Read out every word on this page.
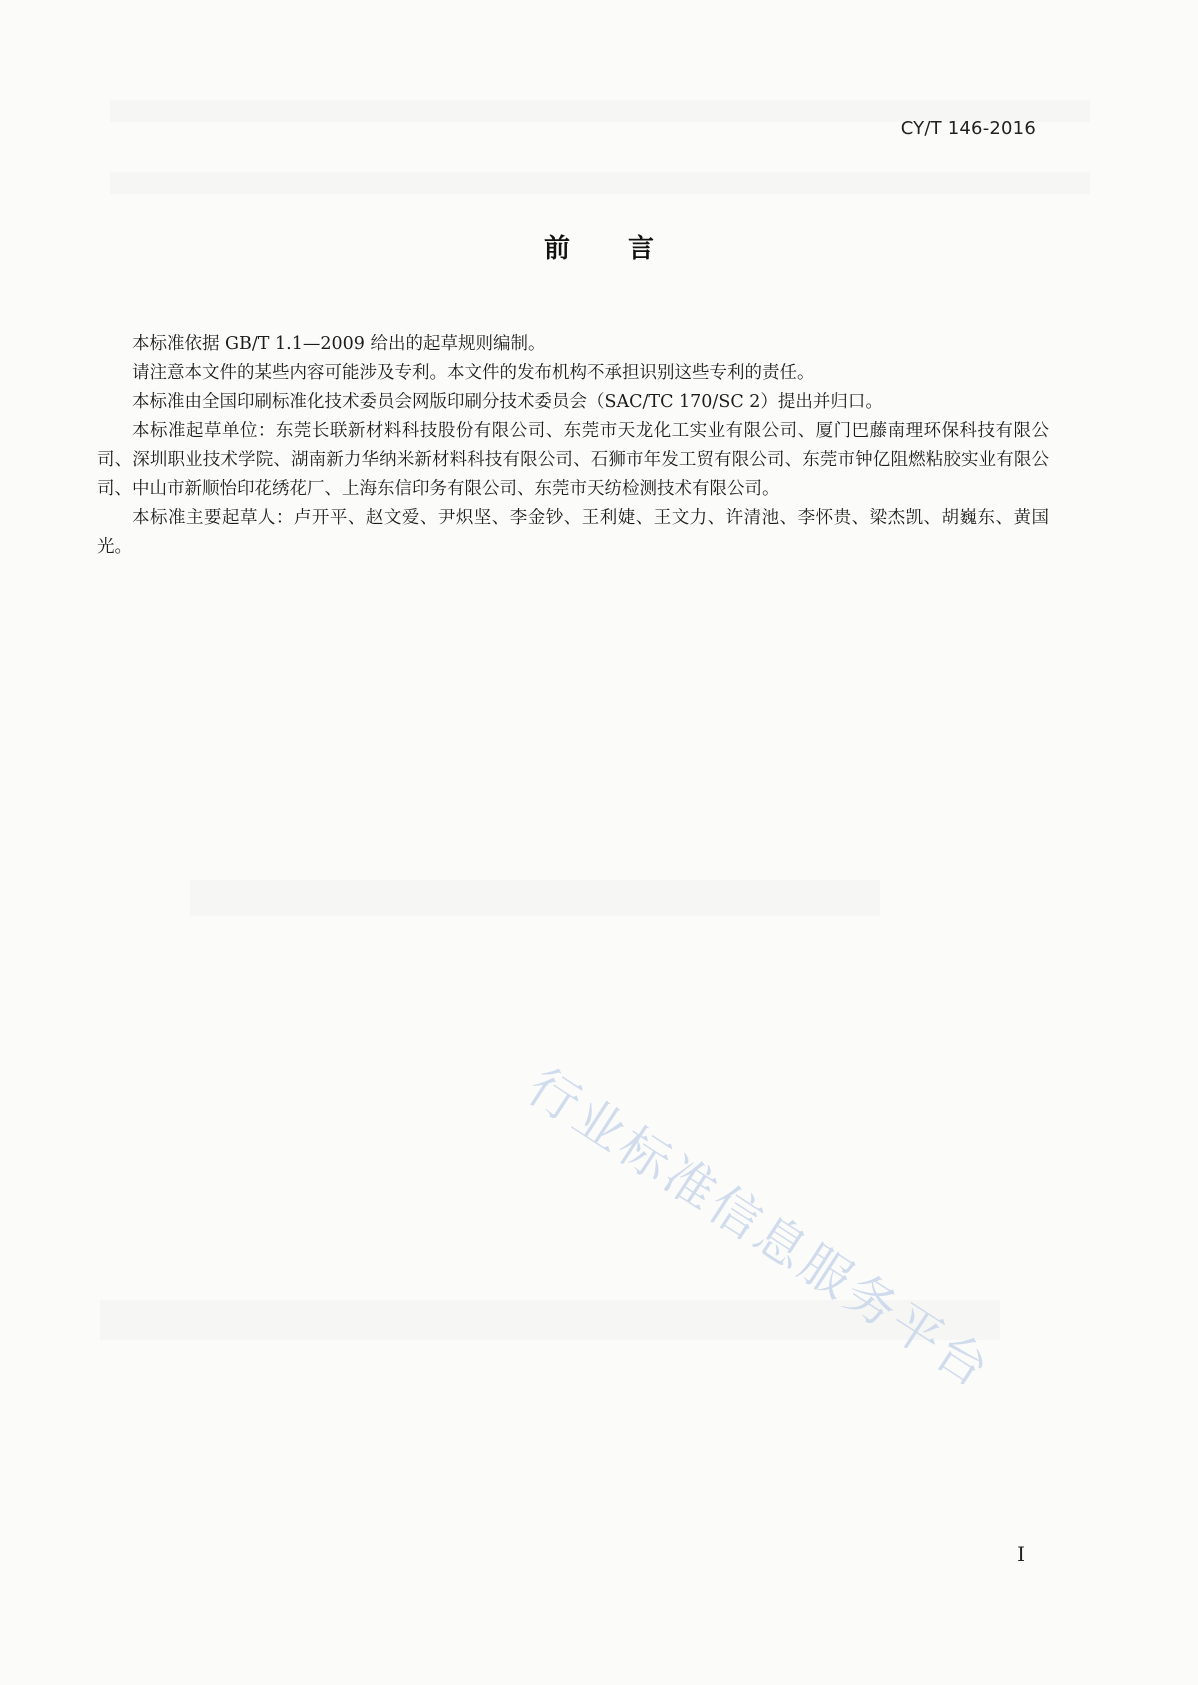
CY/T 146-2016
前言

本标准依据 GB/T 1.1—2009 给出的起草规则编制。

请注意本文件的某些内容可能涉及专利。本文件的发布机构不承担识别这些专利的责任。

本标准由全国印刷标准化技术委员会网版印刷分技术委员会（SAC/TC 170/SC 2）提出并归口。

本标准起草单位：东莞长联新材料科技股份有限公司、东莞市天龙化工实业有限公司、厦门巴藤南理环保科技有限公司、深圳职业技术学院、湖南新力华纳米新材料科技有限公司、石狮市年发工贸有限公司、东莞市钟亿阻燃粘胶实业有限公司、中山市新顺怡印花绣花厂、上海东信印务有限公司、东莞市天纺检测技术有限公司。

本标准主要起草人：卢开平、赵文爱、尹炽坚、李金钞、王利婕、王文力、许清池、李怀贵、梁杰凯、胡巍东、黄国光。

行业标准信息服务平台
I
